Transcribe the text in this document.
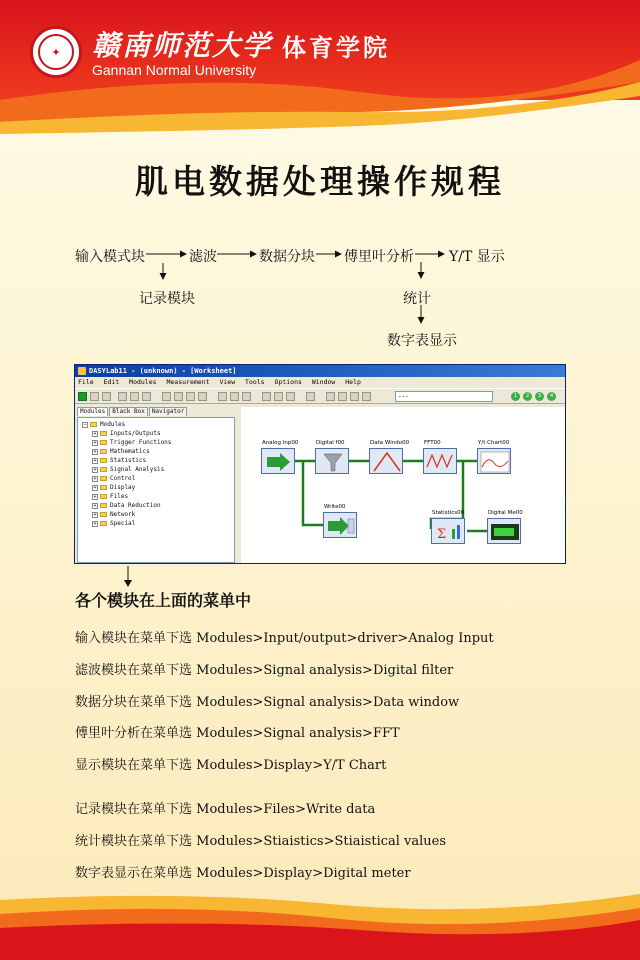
✦	赣南师范大学
Gannan Normal University
体育学院
肌电数据处理操作规程
输入模式块	滤波	数据分块 傅里叶分析	Y/T 显示
记录模块	统计
数字表显示
DASYLab11 - (unknown) - [Worksheet]
File Edit Modules Measurement View Tools Options Window Help
---	1	2	3	4
Modules Black Box Navigator
− Modules
+ Inputs/Outputs
+ Trigger Functions
+ Mathematics
+ Statistics
+ Signal Analysis
+ Control
+ Display
+ Files
+ Data Reduction
+ Network
+ Special
Analog Inp00	Digital f00	Data Windo00	FFT00	Y/t Chart00
Write00
Statistics00
Σ
Digital Me00
各个模块在上面的菜单中
输入模块在菜单下选 Modules>Input/output>driver>Analog Input
滤波模块在菜单下选 Modules>Signal analysis>Digital filter
数据分块在菜单下选 Modules>Signal analysis>Data window
傅里叶分析在菜单选 Modules>Signal analysis>FFT
显示模块在菜单下选 Modules>Display>Y/T Chart
记录模块在菜单下选 Modules>Files>Write data
统计模块在菜单下选 Modules>Stiaistics>Stiaistical values
数字表显示在菜单选 Modules>Display>Digital meter
